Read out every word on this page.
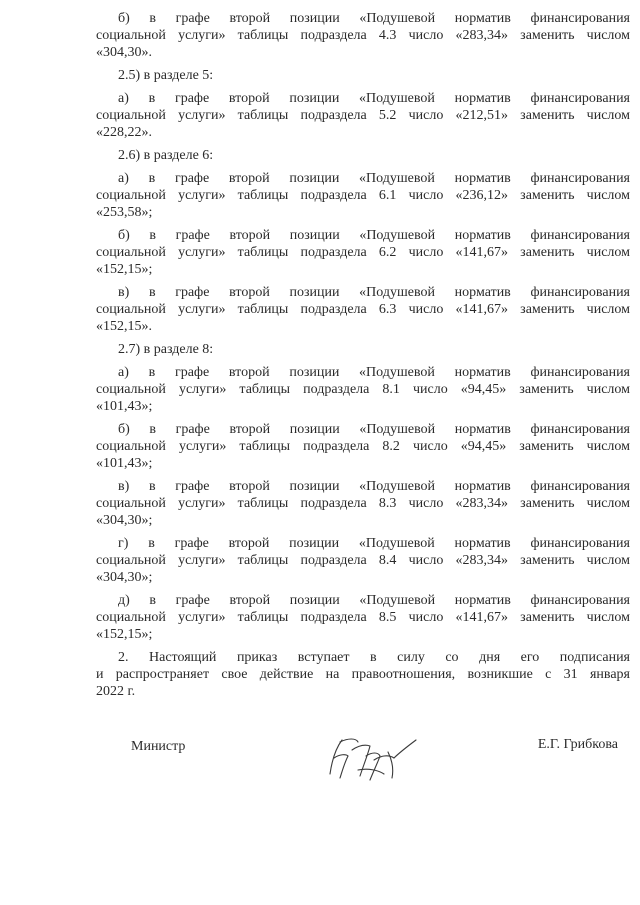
б) в графе второй позиции «Подушевой норматив финансирования
социальной услуги» таблицы подраздела 4.3 число «283,34» заменить числом
«304,30».
2.5) в разделе 5:
а) в графе второй позиции «Подушевой норматив финансирования
социальной услуги» таблицы подраздела 5.2 число «212,51» заменить числом
«228,22».
2.6) в разделе 6:
а) в графе второй позиции «Подушевой норматив финансирования
социальной услуги» таблицы подраздела 6.1 число «236,12» заменить числом
«253,58»;
б) в графе второй позиции «Подушевой норматив финансирования
социальной услуги» таблицы подраздела 6.2 число «141,67» заменить числом
«152,15»;
в) в графе второй позиции «Подушевой норматив финансирования
социальной услуги» таблицы подраздела 6.3 число «141,67» заменить числом
«152,15».
2.7) в разделе 8:
а) в графе второй позиции «Подушевой норматив финансирования
социальной услуги» таблицы подраздела 8.1 число «94,45» заменить числом
«101,43»;
б) в графе второй позиции «Подушевой норматив финансирования
социальной услуги» таблицы подраздела 8.2 число «94,45» заменить числом
«101,43»;
в) в графе второй позиции «Подушевой норматив финансирования
социальной услуги» таблицы подраздела 8.3 число «283,34» заменить числом
«304,30»;
г) в графе второй позиции «Подушевой норматив финансирования
социальной услуги» таблицы подраздела 8.4 число «283,34» заменить числом
«304,30»;
д) в графе второй позиции «Подушевой норматив финансирования
социальной услуги» таблицы подраздела 8.5 число «141,67» заменить числом
«152,15»;
2. Настоящий приказ вступает в силу со дня его подписания
и распространяет свое действие на правоотношения, возникшие с 31 января
2022 г.
Министр	Е.Г. Грибкова
